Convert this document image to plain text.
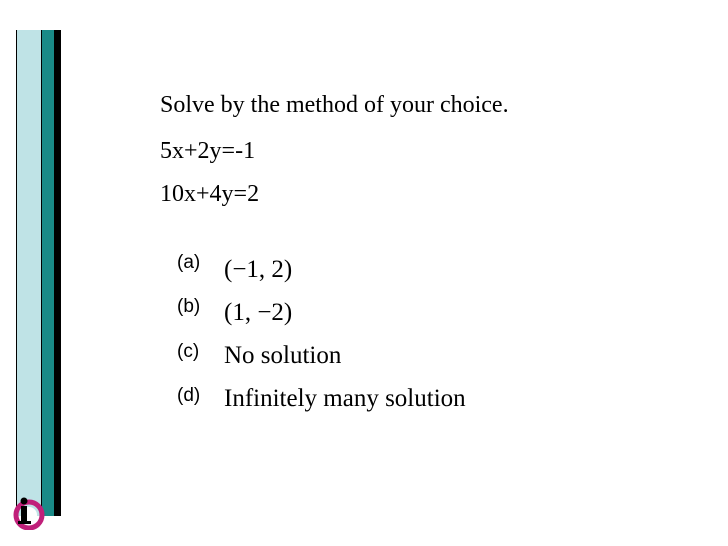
Solve by the method of your choice.
5x+2y=-1
10x+4y=2
(a) (−1, 2)
(b) (1, −2)
(c) No solution
(d) Infinitely many solution
